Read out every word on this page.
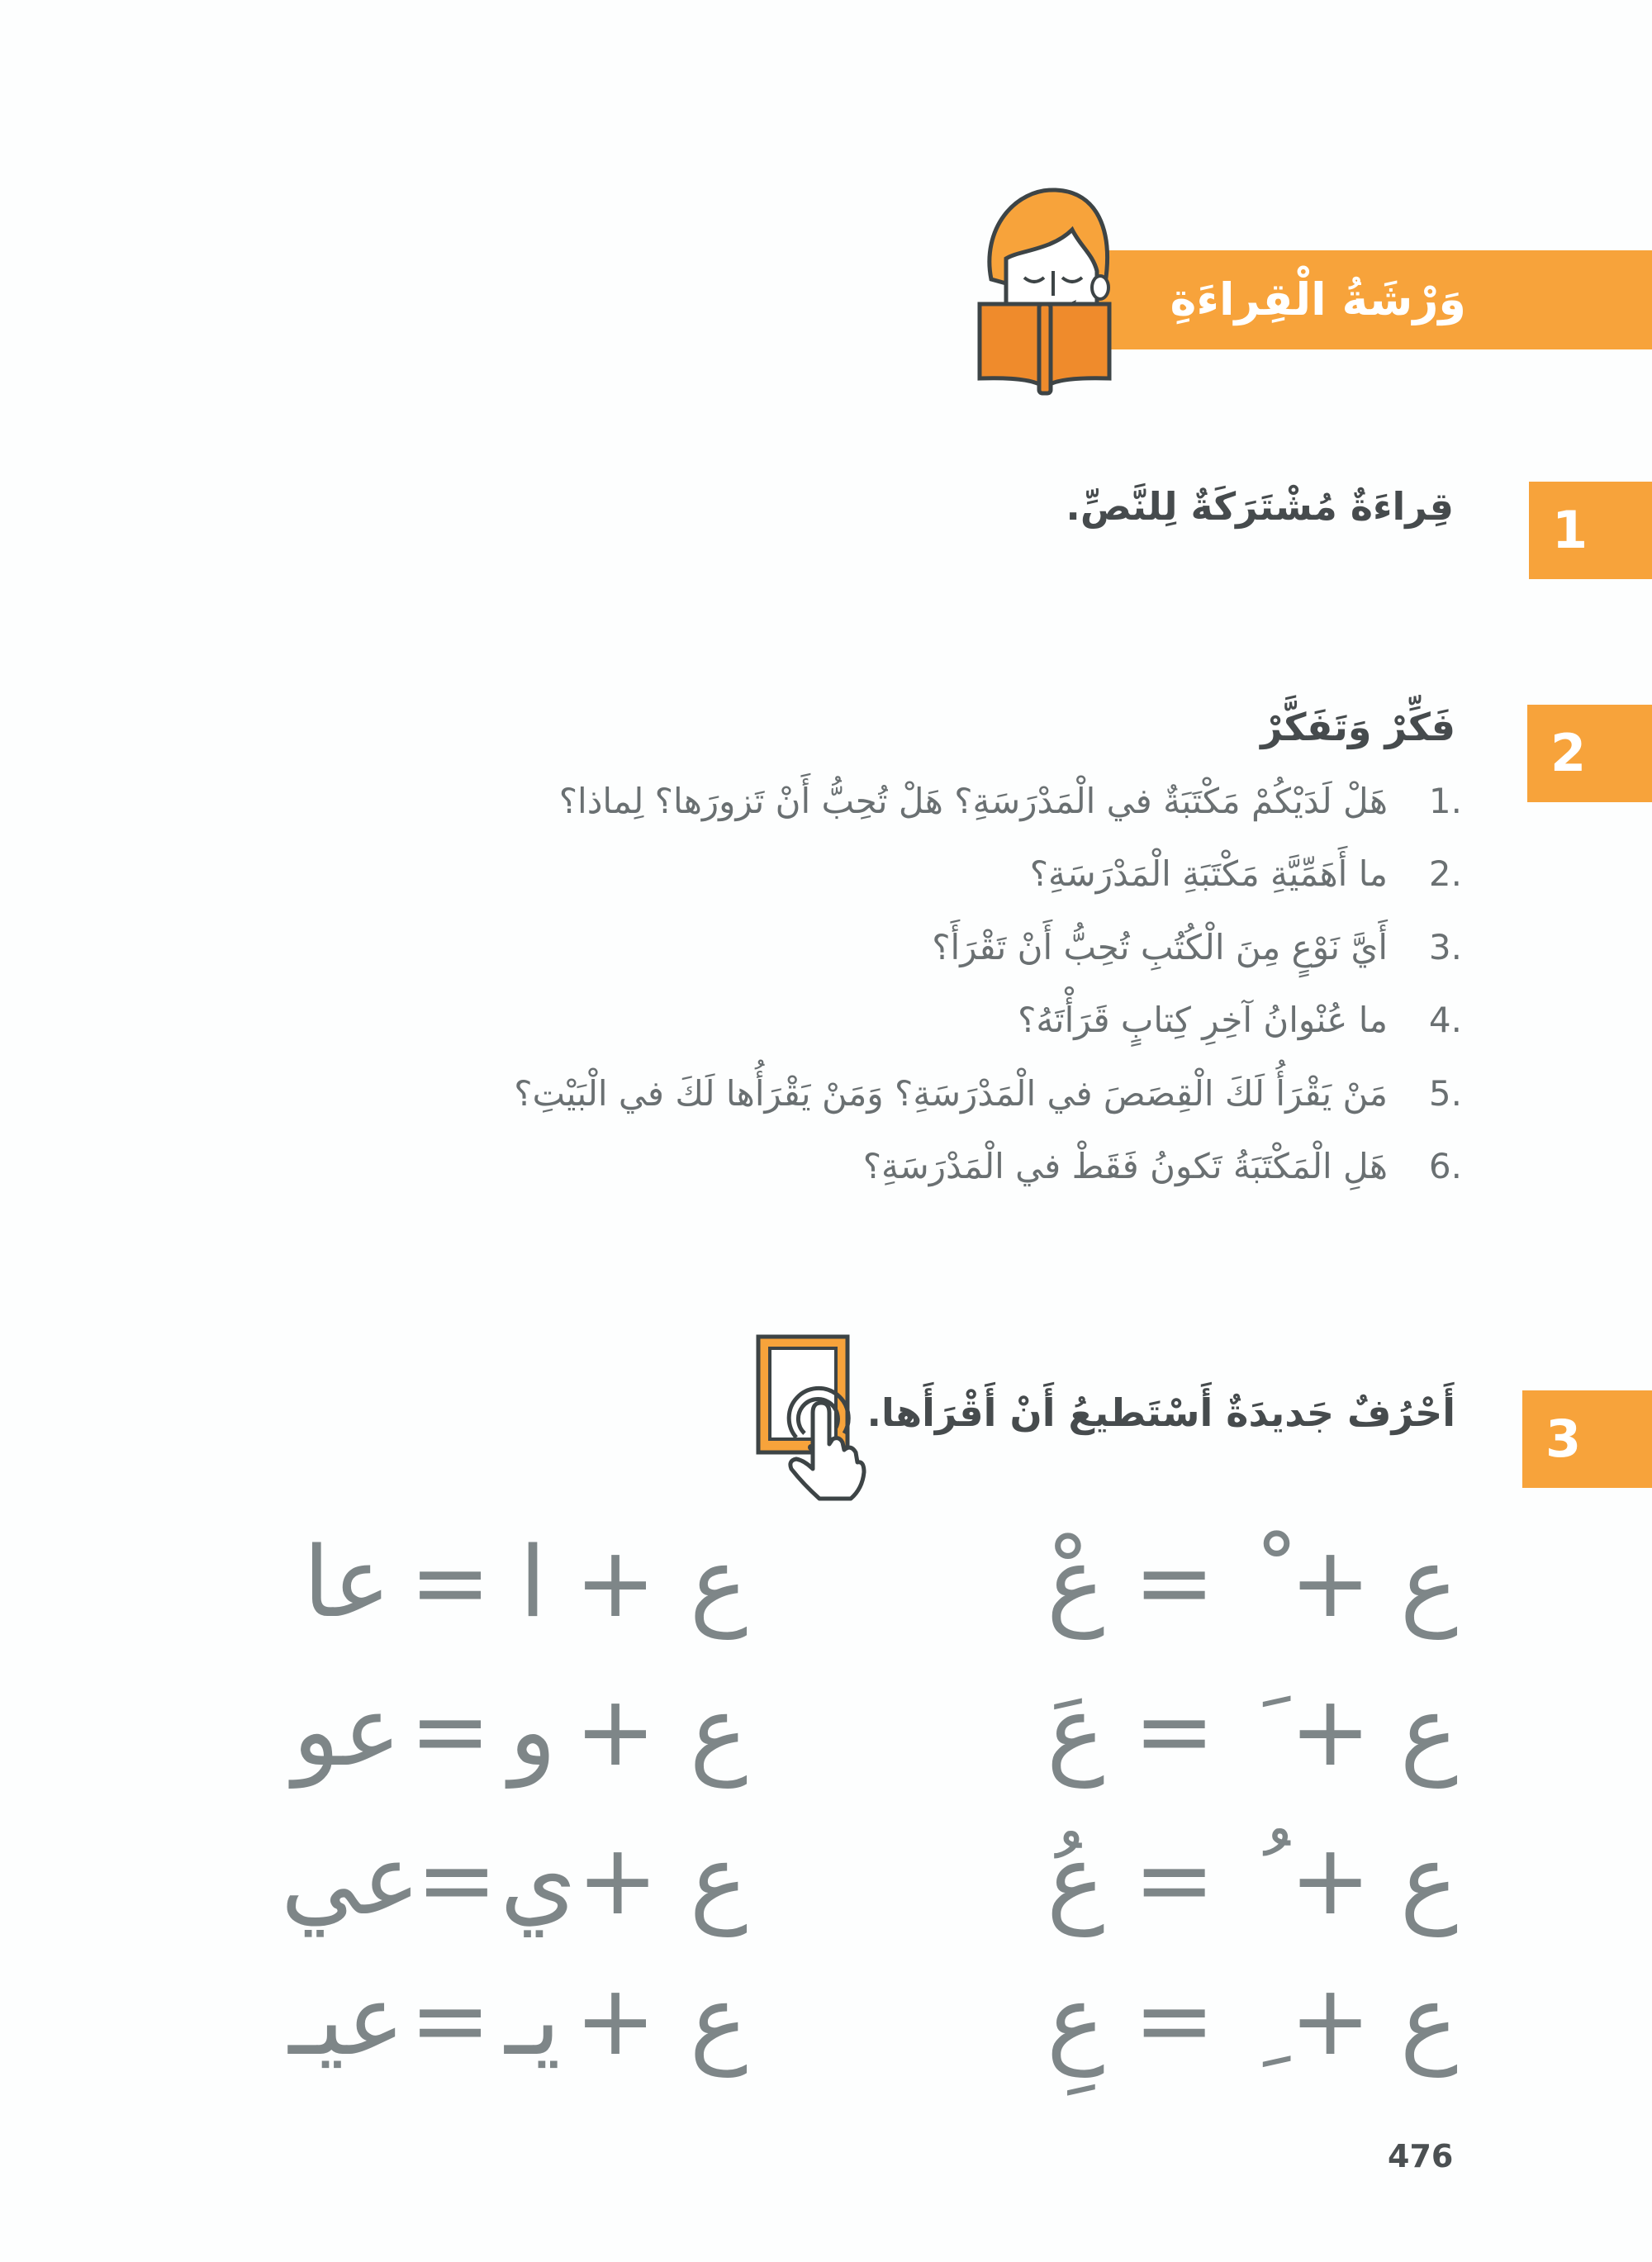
وَرْشَةُ الْقِراءَةِ
1
قِراءَةٌ مُشْتَرَكَةٌ لِلنَّصِّ.
2
فَكِّرْ وَتَفَكَّرْ
1.
هَلْ لَدَيْكُمْ مَكْتَبَةٌ في الْمَدْرَسَةِ؟ هَلْ تُحِبُّ أَنْ تَزورَها؟ لِماذا؟
2.
ما أَهَمِّيَّةِ مَكْتَبَةِ الْمَدْرَسَةِ؟
3.
أَيَّ نَوْعٍ مِنَ الْكُتُبِ تُحِبُّ أَنْ تَقْرَأَ؟
4.
ما عُنْوانُ آخِرِ كِتابٍ قَرَأْتَهُ؟
5.
مَنْ يَقْرَأُ لَكَ الْقِصَصَ في الْمَدْرَسَةِ؟ وَمَنْ يَقْرَأُها لَكَ في الْبَيْتِ؟
6.
هَلِ الْمَكْتَبَةُ تَكونُ فَقَطْ في الْمَدْرَسَةِ؟
3
أَحْرُفٌ جَديدَةٌ أَسْتَطيعُ أَنْ أَقْرَأَها.
عْ = + ع
عَ = + ع
عُ = + ع
عِ = + ع
عا = ا + ع
عو = و + ع
عي
= ي + ع
عيـ = يـ + ع
476
